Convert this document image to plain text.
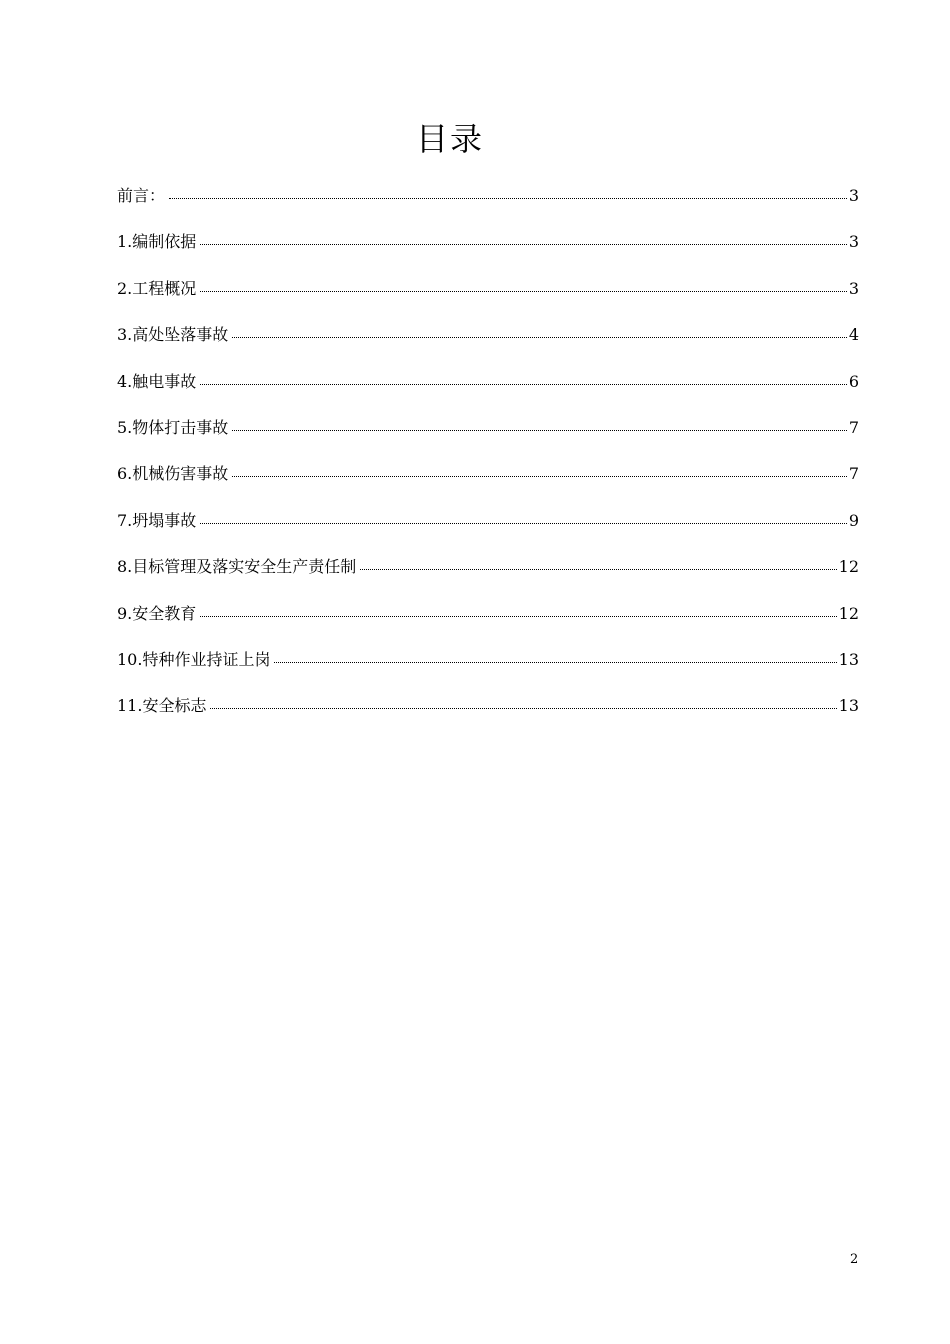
目录
前言：	3
1.编制依据	3
2.工程概况	3
3.高处坠落事故	4
4.触电事故	6
5.物体打击事故	7
6.机械伤害事故	7
7.坍塌事故	9
8.目标管理及落实安全生产责任制	12
9.安全教育	12
10.特种作业持证上岗	13
11.安全标志	13
2
